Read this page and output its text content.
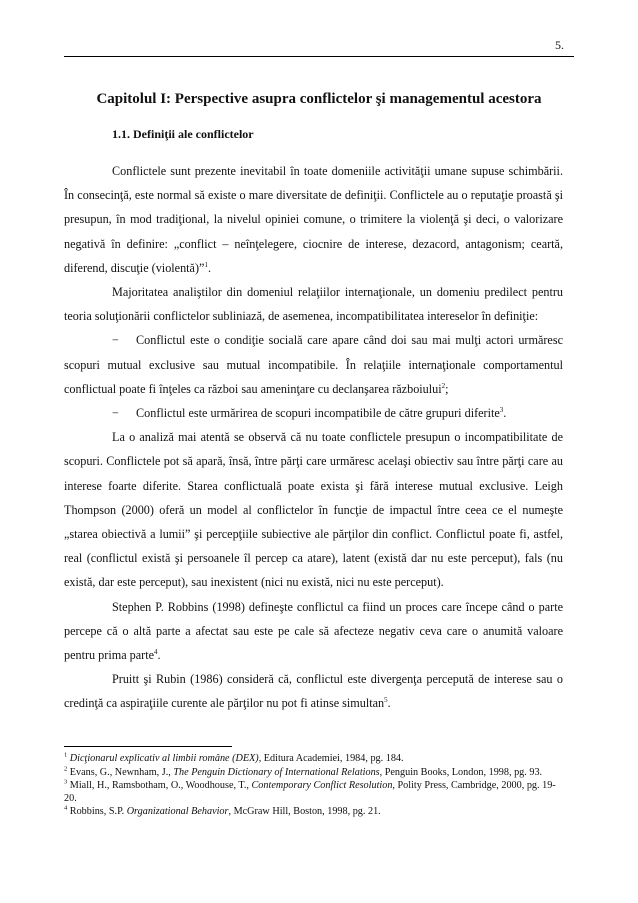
5.
Capitolul I: Perspective asupra conflictelor şi managementul acestora
1.1. Definiţii ale conflictelor

Conflictele sunt prezente inevitabil în toate domeniile activităţii umane supuse schimbării. În consecinţă, este normal să existe o mare diversitate de definiţii. Conflictele au o reputaţie proastă şi presupun, în mod tradiţional, la nivelul opiniei comune, o trimitere la violenţă şi deci, o valorizare negativă în definire: „conflict – neînţelegere, ciocnire de interese, dezacord, antagonism; ceartă, diferend, discuţie (violentă)”$^1$.

Majoritatea analiştilor din domeniul relaţiilor internaţionale, un domeniu predilect pentru teoria soluţionării conflictelor subliniază, de asemenea, incompatibilitatea intereselor în definiţie:

− Conflictul este o condiţie socială care apare când doi sau mai mulţi actori urmăresc scopuri mutual exclusive sau mutual incompatibile. În relaţiile internaţionale comportamentul conflictual poate fi înţeles ca război sau ameninţare cu declanşarea războiului$^2$;

− Conflictul este urmărirea de scopuri incompatibile de către grupuri diferite$^3$.

La o analiză mai atentă se observă că nu toate conflictele presupun o incompatibilitate de scopuri. Conflictele pot să apară, însă, între părţi care urmăresc acelaşi obiectiv sau între părţi care au interese foarte diferite. Starea conflictuală poate exista şi fără interese mutual exclusive. Leigh Thompson (2000) oferă un model al conflictelor în funcţie de impactul între ceea ce el numeşte „starea obiectivă a lumii” şi percepţiile subiective ale părţilor din conflict. Conflictul poate fi, astfel, real (conflictul există şi persoanele îl percep ca atare), latent (există dar nu este perceput), fals (nu există, dar este perceput), sau inexistent (nici nu există, nici nu este perceput).

Stephen P. Robbins (1998) defineşte conflictul ca fiind un proces care începe când o parte percepe că o altă parte a afectat sau este pe cale să afecteze negativ ceva care o anumită valoare pentru prima parte$^4$.

Pruitt şi Rubin (1986) consideră că, conflictul este divergenţa percepută de interese sau o credinţă ca aspiraţiile curente ale părţilor nu pot fi atinse simultan$^5$.

$^1$ Dicţionarul explicativ al limbii române (DEX), Editura Academiei, 1984, pg. 184.

$^2$ Evans, G., Newnham, J., The Penguin Dictionary of International Relations, Penguin Books, London, 1998, pg. 93.

$^3$ Miall, H., Ramsbotham, O., Woodhouse, T., Contemporary Conflict Resolution, Polity Press, Cambridge, 2000, pg. 19-20.

$^4$ Robbins, S.P. Organizational Behavior, McGraw Hill, Boston, 1998, pg. 21.
